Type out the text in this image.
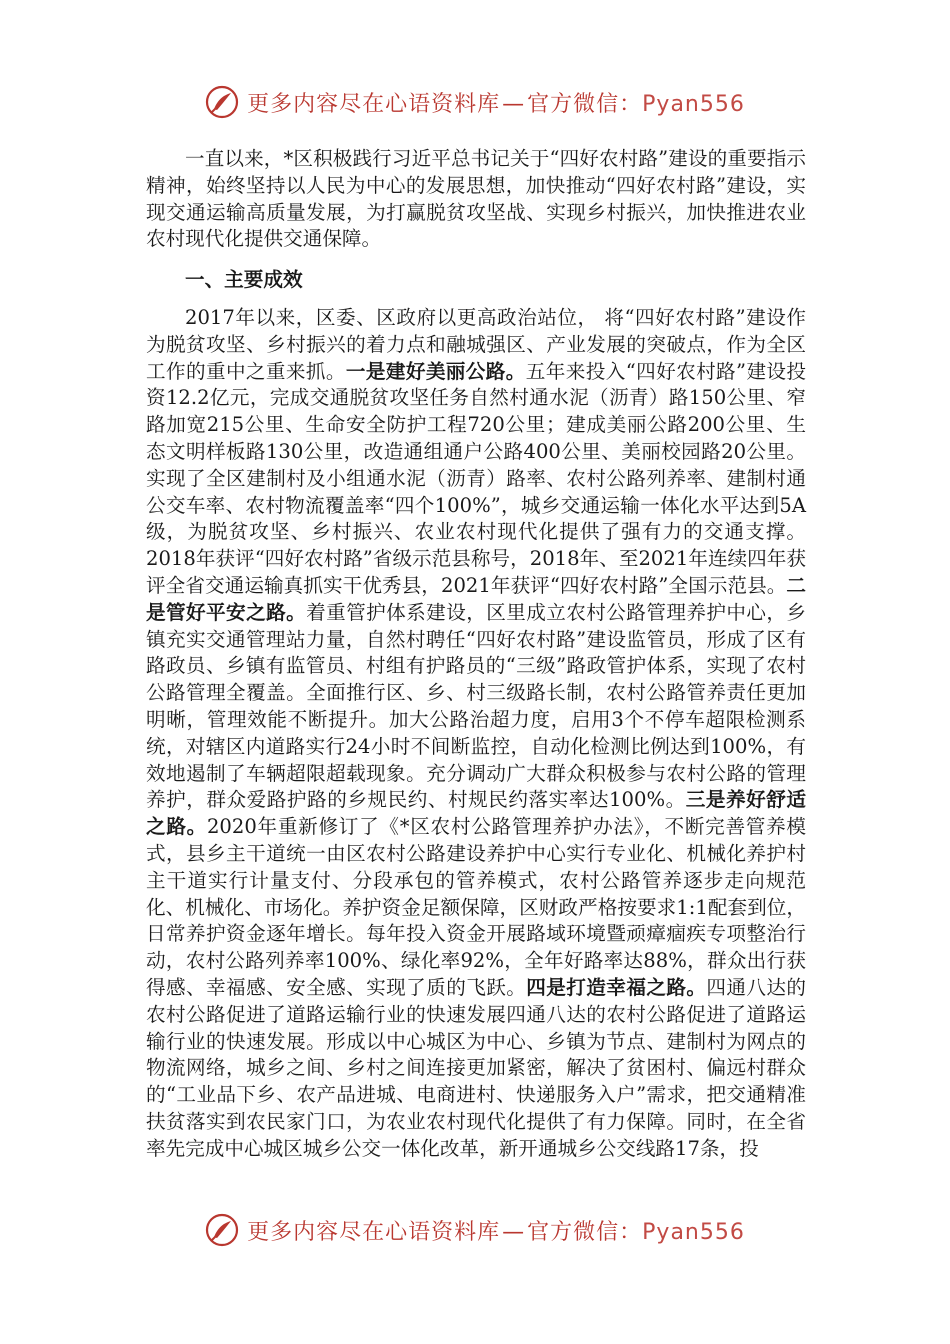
更多内容尽在心语资料库—官方微信：Pyan556

一直以来，*区积极践行习近平总书记关于“四好农村路”建设的重要指示精神，始终坚持以人民为中心的发展思想，加快推动“四好农村路”建设，实现交通运输高质量发展，为打赢脱贫攻坚战、实现乡村振兴，加快推进农业农村现代化提供交通保障。

一、主要成效

2017年以来，区委、区政府以更高政治站位， 将“四好农村路”建设作为脱贫攻坚、乡村振兴的着力点和融城强区、产业发展的突破点，作为全区工作的重中之重来抓。一是建好美丽公路。五年来投入“四好农村路”建设投资12.2亿元，完成交通脱贫攻坚任务自然村通水泥（沥青）路150公里、窄路加宽215公里、生命安全防护工程720公里；建成美丽公路200公里、生态文明样板路130公里，改造通组通户公路400公里、美丽校园路20公里。实现了全区建制村及小组通水泥（沥青）路率、农村公路列养率、建制村通公交车率、农村物流覆盖率“四个100%”，城乡交通运输一体化水平达到5A级，为脱贫攻坚、乡村振兴、农业农村现代化提供了强有力的交通支撑。2018年获评“四好农村路”省级示范县称号，2018年、至2021年连续四年获评全省交通运输真抓实干优秀县，2021年获评“四好农村路”全国示范县。二是管好平安之路。着重管护体系建设，区里成立农村公路管理养护中心，乡镇充实交通管理站力量，自然村聘任“四好农村路”建设监管员，形成了区有路政员、乡镇有监管员、村组有护路员的“三级”路政管护体系，实现了农村公路管理全覆盖。全面推行区、乡、村三级路长制，农村公路管养责任更加明晰，管理效能不断提升。加大公路治超力度，启用3个不停车超限检测系统，对辖区内道路实行24小时不间断监控，自动化检测比例达到100%，有效地遏制了车辆超限超载现象。充分调动广大群众积极参与农村公路的管理养护，群众爱路护路的乡规民约、村规民约落实率达100%。三是养好舒适之路。2020年重新修订了《*区农村公路管理养护办法》，不断完善管养模式，县乡主干道统一由区农村公路建设养护中心实行专业化、机械化养护村主干道实行计量支付、分段承包的管养模式，农村公路管养逐步走向规范化、机械化、市场化。养护资金足额保障，区财政严格按要求1:1配套到位，日常养护资金逐年增长。每年投入资金开展路域环境暨顽瘴痼疾专项整治行动，农村公路列养率100%、绿化率92%，全年好路率达88%，群众出行获得感、幸福感、安全感、实现了质的飞跃。四是打造幸福之路。四通八达的农村公路促进了道路运输行业的快速发展四通八达的农村公路促进了道路运输行业的快速发展。形成以中心城区为中心、乡镇为节点、建制村为网点的物流网络，城乡之间、乡村之间连接更加紧密，解决了贫困村、偏远村群众的“工业品下乡、农产品进城、电商进村、快递服务入户”需求，把交通精准扶贫落实到农民家门口，为农业农村现代化提供了有力保障。同时，在全省率先完成中心城区城乡公交一体化改革，新开通城乡公交线路17条，投

更多内容尽在心语资料库—官方微信：Pyan556
